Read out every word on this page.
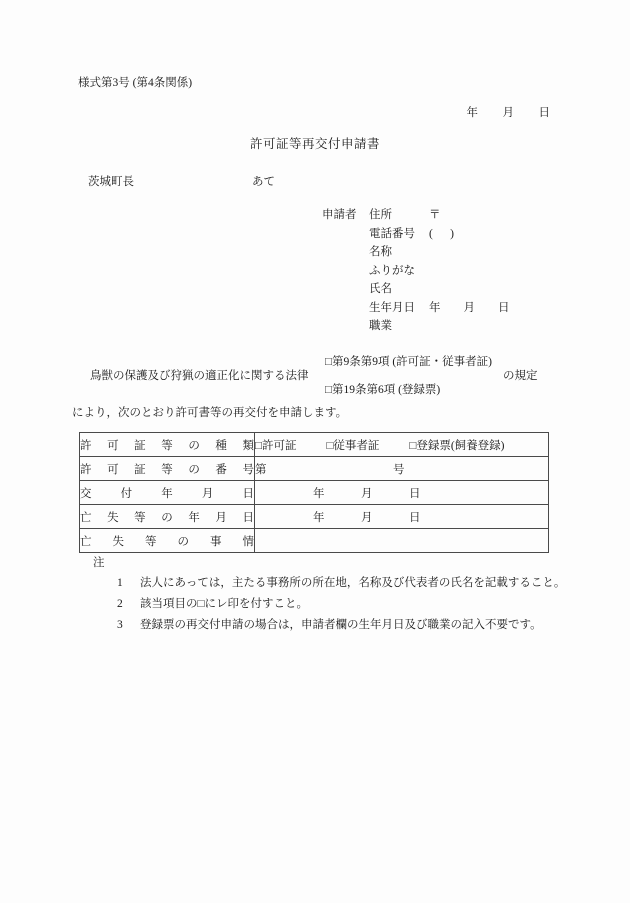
様式第3号 (第4条関係)

年 月 日

許可証等再交付申請書
茨城町長	あて
申請者 住所	〒
電話番号 (      )
名称
ふりがな
氏名
生年月日 年        月        日
職業
□第9条第9項 (許可証・従事者証)
鳥獣の保護及び狩猟の適正化に関する法律
□第19条第6項 (登録票)
の規定
により，次のとおり許可書等の再交付を申請します。
許可証等の種類	□許可証 □従事者証 □登録票(飼養登録)

許可証等の番号	第 号

交付年月日	年 月 日

亡失等の年月日	年 月 日

亡失等の事情	

注
1 法人にあっては，主たる事務所の所在地，名称及び代表者の氏名を記載すること。
2 該当項目の□にレ印を付すこと。
3 登録票の再交付申請の場合は，申請者欄の生年月日及び職業の記入不要です。
